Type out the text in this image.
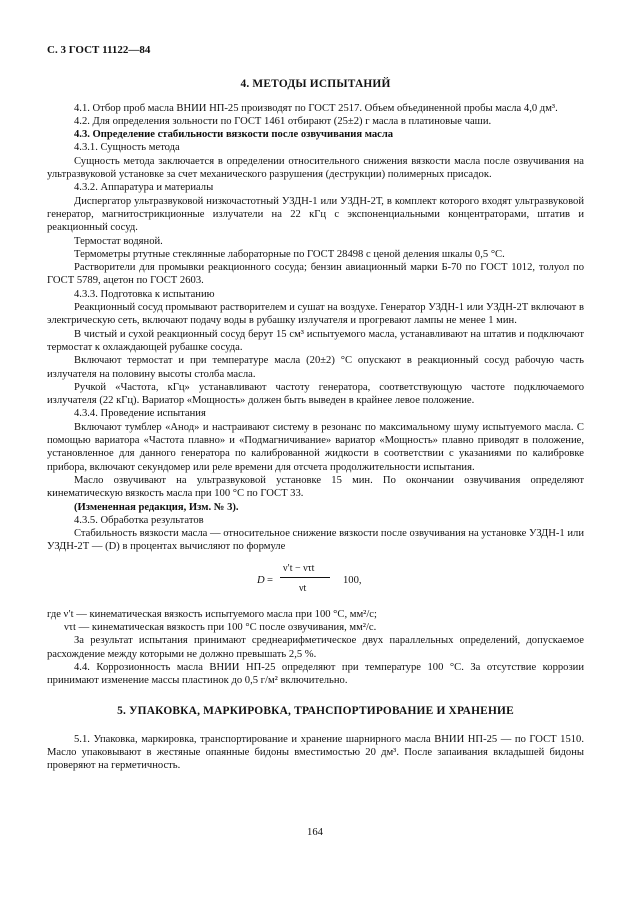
С. 3 ГОСТ 11122—84
4. МЕТОДЫ ИСПЫТАНИЙ

4.1. Отбор проб масла ВНИИ НП-25 производят по ГОСТ 2517. Объем объединенной пробы масла 4,0 дм³.

4.2. Для определения зольности по ГОСТ 1461 отбирают (25±2) г масла в платиновые чаши.

4.3. Определение стабильности вязкости после озвучивания масла

4.3.1. Сущность метода

Сущность метода заключается в определении относительного снижения вязкости масла после озвучивания на ультразвуковой установке за счет механического разрушения (деструкции) полимерных присадок.

4.3.2. Аппаратура и материалы

Диспергатор ультразвуковой низкочастотный УЗДН-1 или УЗДН-2Т, в комплект которого входят ультразвуковой генератор, магнитострикционные излучатели на 22 кГц с экспоненциальными концентраторами, штатив и реакционный сосуд.

Термостат водяной.

Термометры ртутные стеклянные лабораторные по ГОСТ 28498 с ценой деления шкалы 0,5 °С.

Растворители для промывки реакционного сосуда; бензин авиационный марки Б-70 по ГОСТ 1012, толуол по ГОСТ 5789, ацетон по ГОСТ 2603.

4.3.3. Подготовка к испытанию

Реакционный сосуд промывают растворителем и сушат на воздухе. Генератор УЗДН-1 или УЗДН-2Т включают в электрическую сеть, включают подачу воды в рубашку излучателя и прогревают лампы не менее 1 мин.

В чистый и сухой реакционный сосуд берут 15 см³ испытуемого масла, устанавливают на штатив и подключают термостат к охлаждающей рубашке сосуда.

Включают термостат и при температуре масла (20±2) °С опускают в реакционный сосуд рабочую часть излучателя на половину высоты столба масла.

Ручкой «Частота, кГц» устанавливают частоту генератора, соответствующую частоте подключаемого излучателя (22 кГц). Вариатор «Мощность» должен быть выведен в крайнее левое положение.

4.3.4. Проведение испытания

Включают тумблер «Анод» и настраивают систему в резонанс по максимальному шуму испытуемого масла. С помощью вариатора «Частота плавно» и «Подмагничивание» вариатор «Мощность» плавно приводят в положение, установленное для данного генератора по калиброванной жидкости в соответствии с указаниями по калибровке прибора, включают секундомер или реле времени для отсчета продолжительности испытания.

Масло озвучивают на ультразвуковой установке 15 мин. По окончании озвучивания определяют кинематическую вязкость масла при 100 °С по ГОСТ 33.

(Измененная редакция, Изм. № 3).

4.3.5. Обработка результатов

Стабильность вязкости масла — относительное снижение вязкости после озвучивания на установке УЗДН-1 или УЗДН-2Т — (D) в процентах вычисляют по формуле

D =
ν′t − ντt
νt
100,

где ν′t — кинематическая вязкость испытуемого масла при 100 °С, мм²/с;

ντt — кинематическая вязкость при 100 °С после озвучивания, мм²/с.

За результат испытания принимают среднеарифметическое двух параллельных определений, допускаемое расхождение между которыми не должно превышать 2,5 %.

4.4. Коррозионность масла ВНИИ НП-25 определяют при температуре 100 °С. За отсутствие коррозии принимают изменение массы пластинок до 0,5 г/м² включительно.

5. УПАКОВКА, МАРКИРОВКА, ТРАНСПОРТИРОВАНИЕ И ХРАНЕНИЕ

5.1. Упаковка, маркировка, транспортирование и хранение шарнирного масла ВНИИ НП-25 — по ГОСТ 1510. Масло упаковывают в жестяные опаянные бидоны вместимостью 20 дм³. После запаивания вкладышей бидоны проверяют на герметичность.

164
